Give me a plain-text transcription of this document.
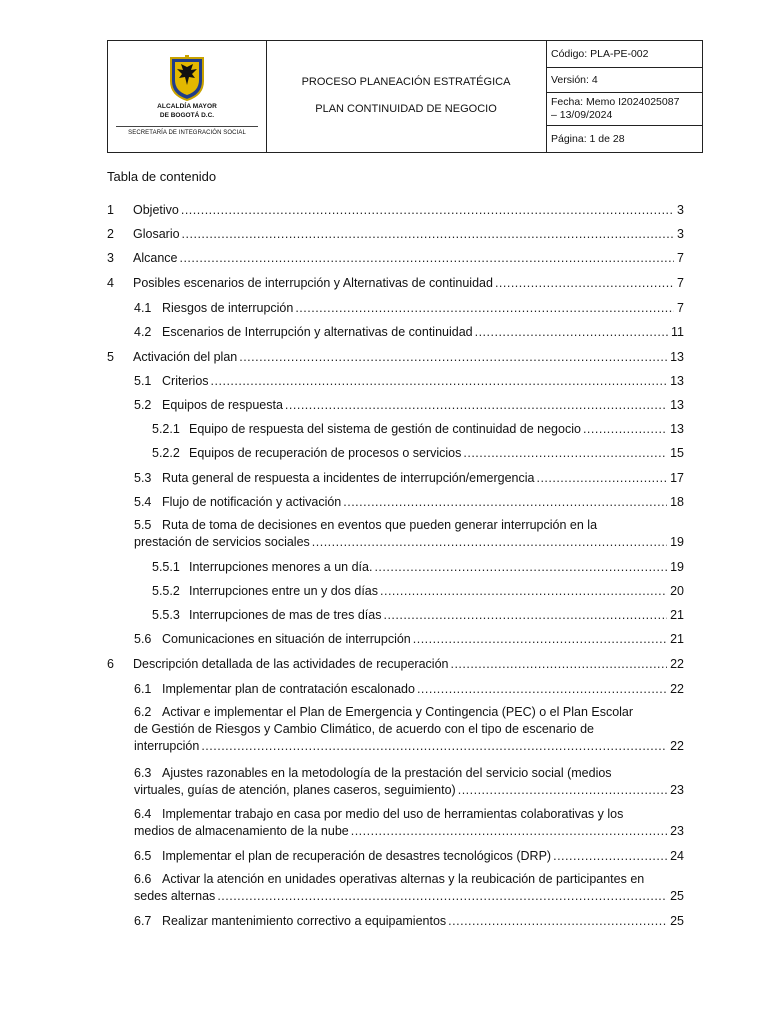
ALCALDÍA MAYOR
DE BOGOTÁ D.C.
SECRETARÍA DE INTEGRACIÓN SOCIAL
PROCESO PLANEACIÓN ESTRATÉGICA
PLAN CONTINUIDAD DE NEGOCIO
Código: PLA-PE-002
Versión: 4
Fecha: Memo I2024025087
– 13/09/2024
Página: 1 de 28
Tabla de contenido
1	Objetivo .....	3
2	Glosario .....	3
3	Alcance .....	7
4	Posibles escenarios de interrupción y Alternativas de continuidad .....	7
4.1 Riesgos de interrupción .....	7
4.2 Escenarios de Interrupción y alternativas de continuidad .....	11
5	Activación del plan .....	13
5.1 Criterios .....	13
5.2 Equipos de respuesta .....	13
5.2.1 Equipo de respuesta del sistema de gestión de continuidad de negocio .....	13
5.2.2 Equipos de recuperación de procesos o servicios .....	15
5.3 Ruta general de respuesta a incidentes de interrupción/emergencia .....	17
5.4 Flujo de notificación y activación .....	18
5.5 Ruta de toma de decisiones en eventos que pueden generar interrupción en la
prestación de servicios sociales .....	19
5.5.1 Interrupciones menores a un día. .....	19
5.5.2 Interrupciones entre un y dos días .....	20
5.5.3 Interrupciones de mas de tres días .....	21
5.6 Comunicaciones en situación de interrupción .....	21
6	Descripción detallada de las actividades de recuperación .....	22
6.1 Implementar plan de contratación escalonado .....	22
6.2 Activar e implementar el Plan de Emergencia y Contingencia (PEC) o el Plan Escolar
de Gestión de Riesgos y Cambio Climático, de acuerdo con el tipo de escenario de
interrupción .....	22
6.3 Ajustes razonables en la metodología de la prestación del servicio social (medios
virtuales, guías de atención, planes caseros, seguimiento) .....	23
6.4 Implementar trabajo en casa por medio del uso de herramientas colaborativas y los
medios de almacenamiento de la nube .....	23
6.5 Implementar el plan de recuperación de desastres tecnológicos (DRP) .....	24
6.6 Activar la atención en unidades operativas alternas y la reubicación de participantes en
sedes alternas .....	25
6.7 Realizar mantenimiento correctivo a equipamientos .....	25
